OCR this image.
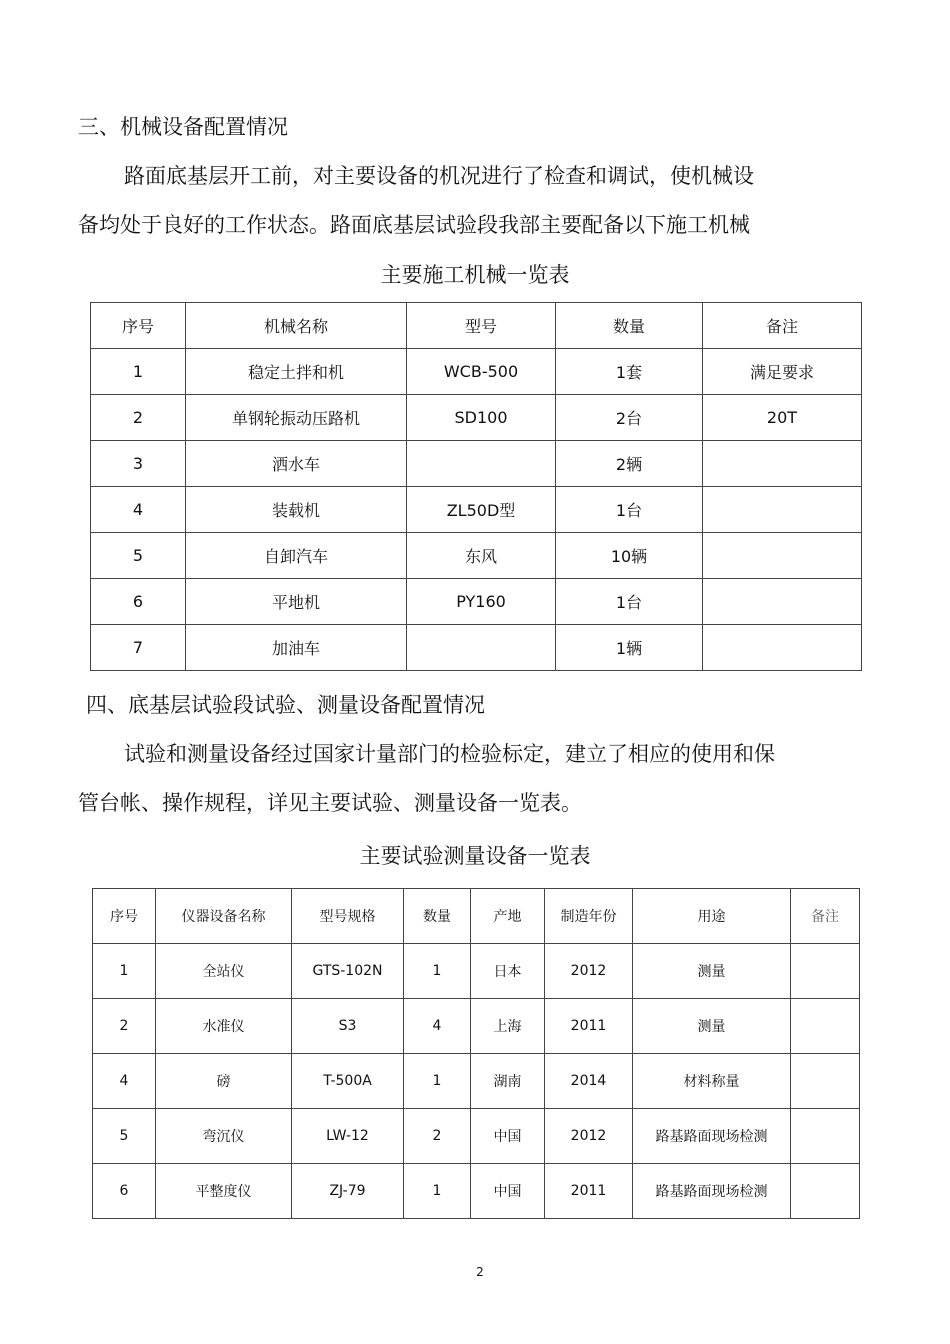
三、机械设备配置情况
路面底基层开工前，对主要设备的机况进行了检查和调试，使机械设
备均处于良好的工作状态。路面底基层试验段我部主要配备以下施工机械
主要施工机械一览表
序号	机械名称	型号	数量	备注
1	稳定土拌和机	WCB-500	1套	满足要求
2	单钢轮振动压路机	SD100	2台	20T
3	洒水车		2辆	
4	装载机	ZL50D型	1台	
5	自卸汽车	东风	10辆	
6	平地机	PY160	1台	
7	加油车		1辆	
四、底基层试验段试验、测量设备配置情况
试验和测量设备经过国家计量部门的检验标定，建立了相应的使用和保
管台帐、操作规程，详见主要试验、测量设备一览表。
主要试验测量设备一览表
序号	仪器设备名称	型号规格	数量	产地	制造年份	用途	备注
1	全站仪	GTS-102N	1	日本	2012	测量	
2	水准仪	S3	4	上海	2011	测量	
4	磅	T-500A	1	湖南	2014	材料称量	
5	弯沉仪	LW-12	2	中国	2012	路基路面现场检测	
6	平整度仪	ZJ-79	1	中国	2011	路基路面现场检测	
2
